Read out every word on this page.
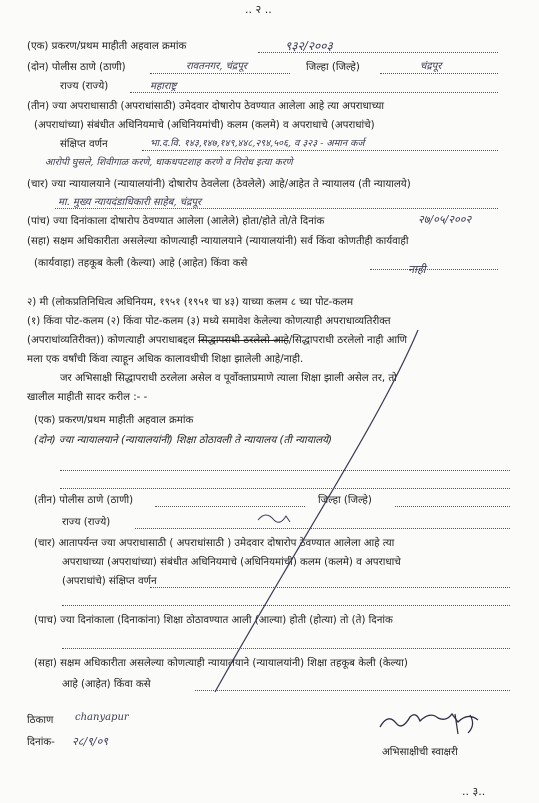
.. २ ..
(एक) प्रकरण/प्रथम माहीती अहवाल क्रमांक	९३२/२००३
(दोन) पोलीस ठाणे (ठाणी)	रावतनगर, चंद्रपूर	जिल्हा (जिल्हे)	चंद्रपूर
राज्य (राज्ये)	महाराष्ट्र
(तीन) ज्या अपराधासाठी (अपराधांसाठी) उमेदवार दोषारोप ठेवण्यात आलेला आहे त्या अपराधाच्या
(अपराधांच्या) संबंधीत अधिनियमाचे (अधिनियमांची) कलम (कलमे) व अपराधाचे (अपराधांचे)
संक्षिप्त वर्णन	भा.द.वि. १४३,१४७,१४९,४४८,२९४,५०६, व ३२३ - अमान कर्ज
आरोपी घुसले, शिवीगाळ करणे, धाकधपटशाह करणे व निरोध इत्या करणे
(चार) ज्या न्यायालयाने (न्यायालयांनी) दोषारोप ठेवलेला (ठेवलेले) आहे/आहेत ते न्यायालय (ती न्यायालये)
मा. मुख्य न्यायदंडाधिकारी साहेब, चंद्रपूर
(पांच) ज्या दिनांकाला दोषारोप ठेवण्यात आलेला (आलेले) होता/होते तो/ते दिनांक	२७/०५/२००२
(सहा) सक्षम अधिकारीता असलेल्या कोणत्याही न्यायालयाने (न्यायालयांनी) सर्व किंवा कोणतीही कार्यवाही
(कार्यवाहा) तहकूब केली (केल्या) आहे (आहेत) किंवा कसे	नाही
२) मी (लोकप्रतिनिधित्व अधिनियम, १९५१ (१९५१ चा ४३) याच्या कलम ८ च्या पोट-कलम
(१) किंवा पोट-कलम (२) किंवा पोट-कलम (३) मध्ये समावेश केलेल्या कोणत्याही अपराधाव्यतिरीक्त
(अपराधांव्यतिरीक्त)) कोणत्याही अपराधाबद्दल सिद्धापराधी ठरलेलो आहे/सिद्धापराधी ठरलेलो नाही आणि
मला एक वर्षांची किंवा त्याहून अधिक कालावधीची शिक्षा झालेली आहे/नाही.
जर अभिसाक्षी सिद्धापराधी ठरलेला असेल व पूर्वोक्ताप्रमाणे त्याला शिक्षा झाली असेल तर, तो
खालील माहीती सादर करील :- -
(एक) प्रकरण/प्रथम माहीती अहवाल क्रमांक
(दोन) ज्या न्यायालयाने (न्यायालयांनी) शिक्षा ठोठावली ते न्यायालय (ती न्यायालये)
(तीन) पोलीस ठाणे (ठाणी)	जिल्हा (जिल्हे)
राज्य (राज्ये)
(चार) आतापर्यन्त ज्या अपराधासाठी ( अपराधांसाठी ) उमेदवार दोषारोप ठेवण्यात आलेला आहे त्या
अपराधाच्या (अपराधांच्या) संबंधीत अधिनियमाचे (अधिनियमांची) कलम (कलमे) व अपराधाचे
(अपराधांचे) संक्षिप्त वर्णन
(पाच) ज्या दिनांकाला (दिनाकांना) शिक्षा ठोठावण्यात आली (आल्या) होती (होत्या) तो (ते) दिनांक
(सहा) सक्षम अधिकारीता असलेल्या कोणत्याही न्यायालयाने (न्यायालयांनी) शिक्षा तहकूब केली (केल्या)
आहे (आहेत) किंवा कसे
ठिकाण chanyapur
दिनांक- २८/९/०९
अभिसाक्षीची स्वाक्षरी
.. ३..
